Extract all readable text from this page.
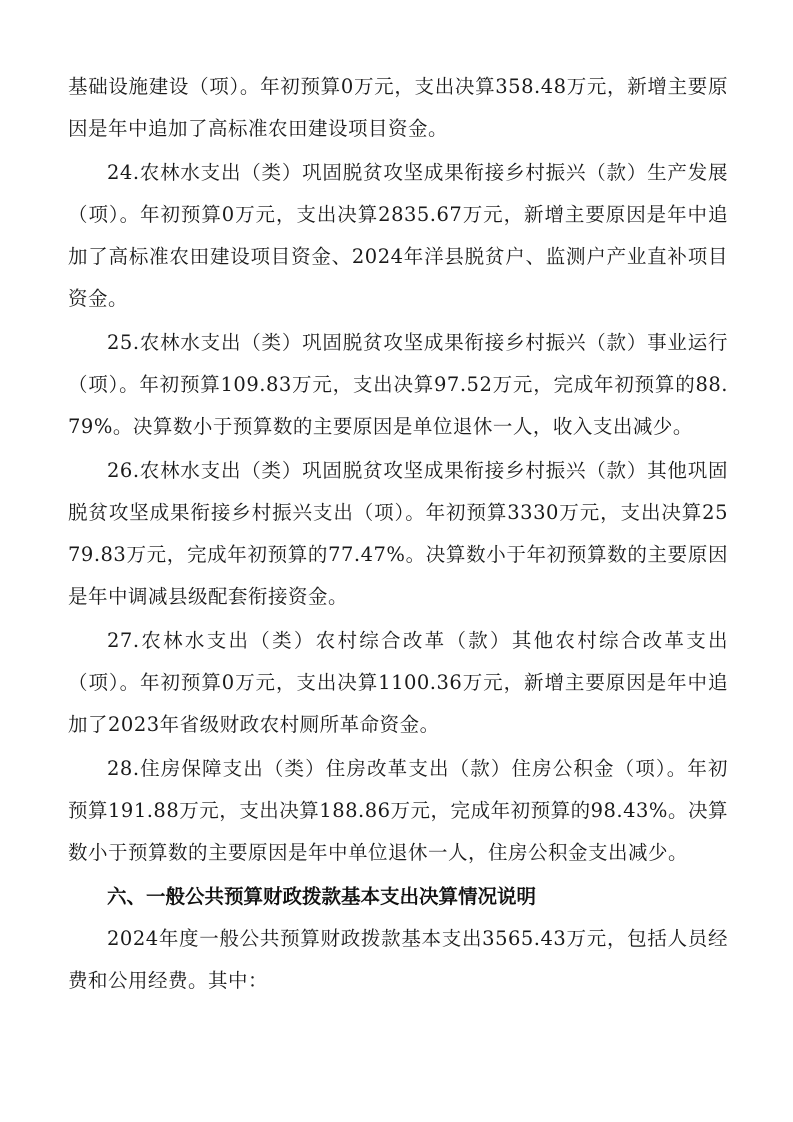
基础设施建设（项）。年初预算0万元，支出决算358.48万元，新增主要原因是年中追加了高标准农田建设项目资金。

24.农林水支出（类）巩固脱贫攻坚成果衔接乡村振兴（款）生产发展（项）。年初预算0万元，支出决算2835.67万元，新增主要原因是年中追加了高标准农田建设项目资金、2024年洋县脱贫户、监测户产业直补项目资金。

25.农林水支出（类）巩固脱贫攻坚成果衔接乡村振兴（款）事业运行（项）。年初预算109.83万元，支出决算97.52万元，完成年初预算的88.79%。决算数小于预算数的主要原因是单位退休一人，收入支出减少。

26.农林水支出（类）巩固脱贫攻坚成果衔接乡村振兴（款）其他巩固脱贫攻坚成果衔接乡村振兴支出（项）。年初预算3330万元，支出决算2579.83万元，完成年初预算的77.47%。决算数小于年初预算数的主要原因是年中调减县级配套衔接资金。

27.农林水支出（类）农村综合改革（款）其他农村综合改革支出（项）。年初预算0万元，支出决算1100.36万元，新增主要原因是年中追加了2023年省级财政农村厕所革命资金。

28.住房保障支出（类）住房改革支出（款）住房公积金（项）。年初预算191.88万元，支出决算188.86万元，完成年初预算的98.43%。决算数小于预算数的主要原因是年中单位退休一人，住房公积金支出减少。

六、一般公共预算财政拨款基本支出决算情况说明

2024年度一般公共预算财政拨款基本支出3565.43万元，包括人员经费和公用经费。其中：
